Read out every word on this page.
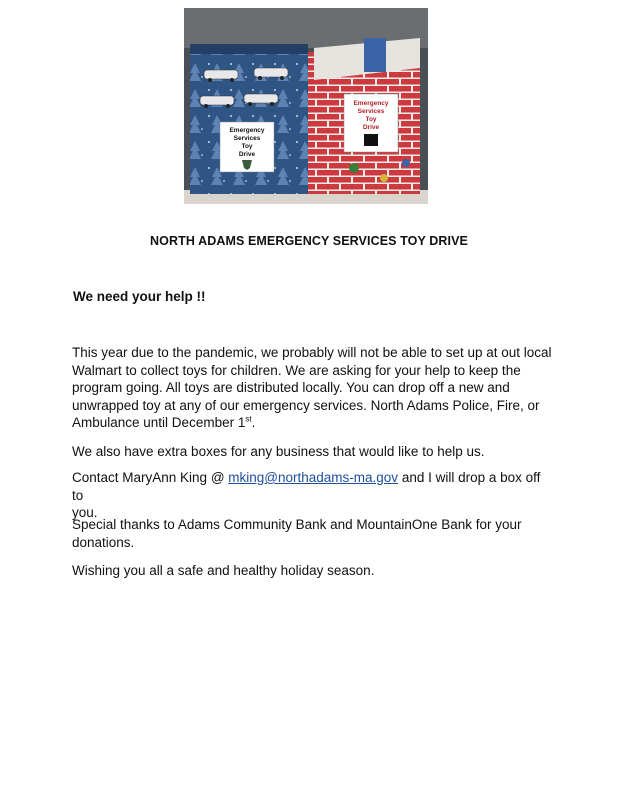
Emergency
Services
Toy
Drive
Emergency
Services
Toy
Drive
NORTH ADAMS EMERGENCY SERVICES TOY DRIVE
We need your help !!
This year due to the pandemic, we probably will not be able to set up at out local
Walmart to collect toys for children. We are asking for your help to keep the
program going. All toys are distributed locally. You can drop off a new and
unwrapped toy at any of our emergency services. North Adams Police, Fire, or
Ambulance until December 1st.
We also have extra boxes for any business that would like to help us.
Contact MaryAnn King @ mking@northadams-ma.gov and I will drop a box off to
you.
Special thanks to Adams Community Bank and MountainOne Bank for your
donations.
Wishing you all a safe and healthy holiday season.
